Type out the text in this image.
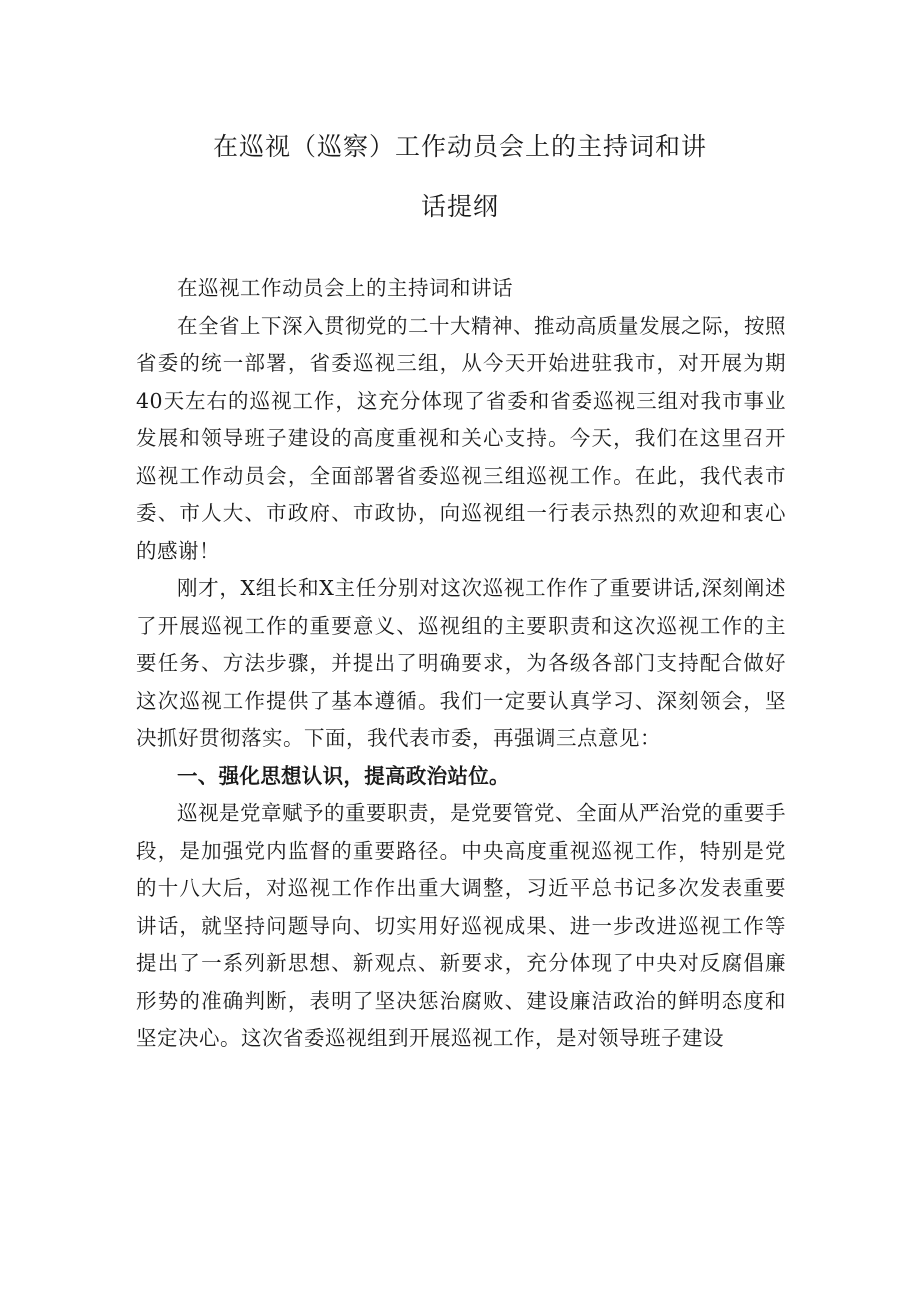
在巡视（巡察）工作动员会上的主持词和讲
话提纲

在巡视工作动员会上的主持词和讲话

在全省上下深入贯彻党的二十大精神、推动高质量发展之际，按照省委的统一部署，省委巡视三组，从今天开始进驻我市，对开展为期40天左右的巡视工作，这充分体现了省委和省委巡视三组对我市事业发展和领导班子建设的高度重视和关心支持。今天，我们在这里召开巡视工作动员会，全面部署省委巡视三组巡视工作。在此，我代表市委、市人大、市政府、市政协，向巡视组一行表示热烈的欢迎和衷心的感谢！

刚才，X组长和X主任分别对这次巡视工作作了重要讲话,深刻阐述了开展巡视工作的重要意义、巡视组的主要职责和这次巡视工作的主要任务、方法步骤，并提出了明确要求，为各级各部门支持配合做好这次巡视工作提供了基本遵循。我们一定要认真学习、深刻领会，坚决抓好贯彻落实。下面，我代表市委，再强调三点意见：

一、强化思想认识，提高政治站位。

巡视是党章赋予的重要职责，是党要管党、全面从严治党的重要手段，是加强党内监督的重要路径。中央高度重视巡视工作，特别是党的十八大后，对巡视工作作出重大调整，习近平总书记多次发表重要讲话，就坚持问题导向、切实用好巡视成果、进一步改进巡视工作等提出了一系列新思想、新观点、新要求，充分体现了中央对反腐倡廉形势的准确判断，表明了坚决惩治腐败、建设廉洁政治的鲜明态度和坚定决心。这次省委巡视组到开展巡视工作，是对领导班子建设
